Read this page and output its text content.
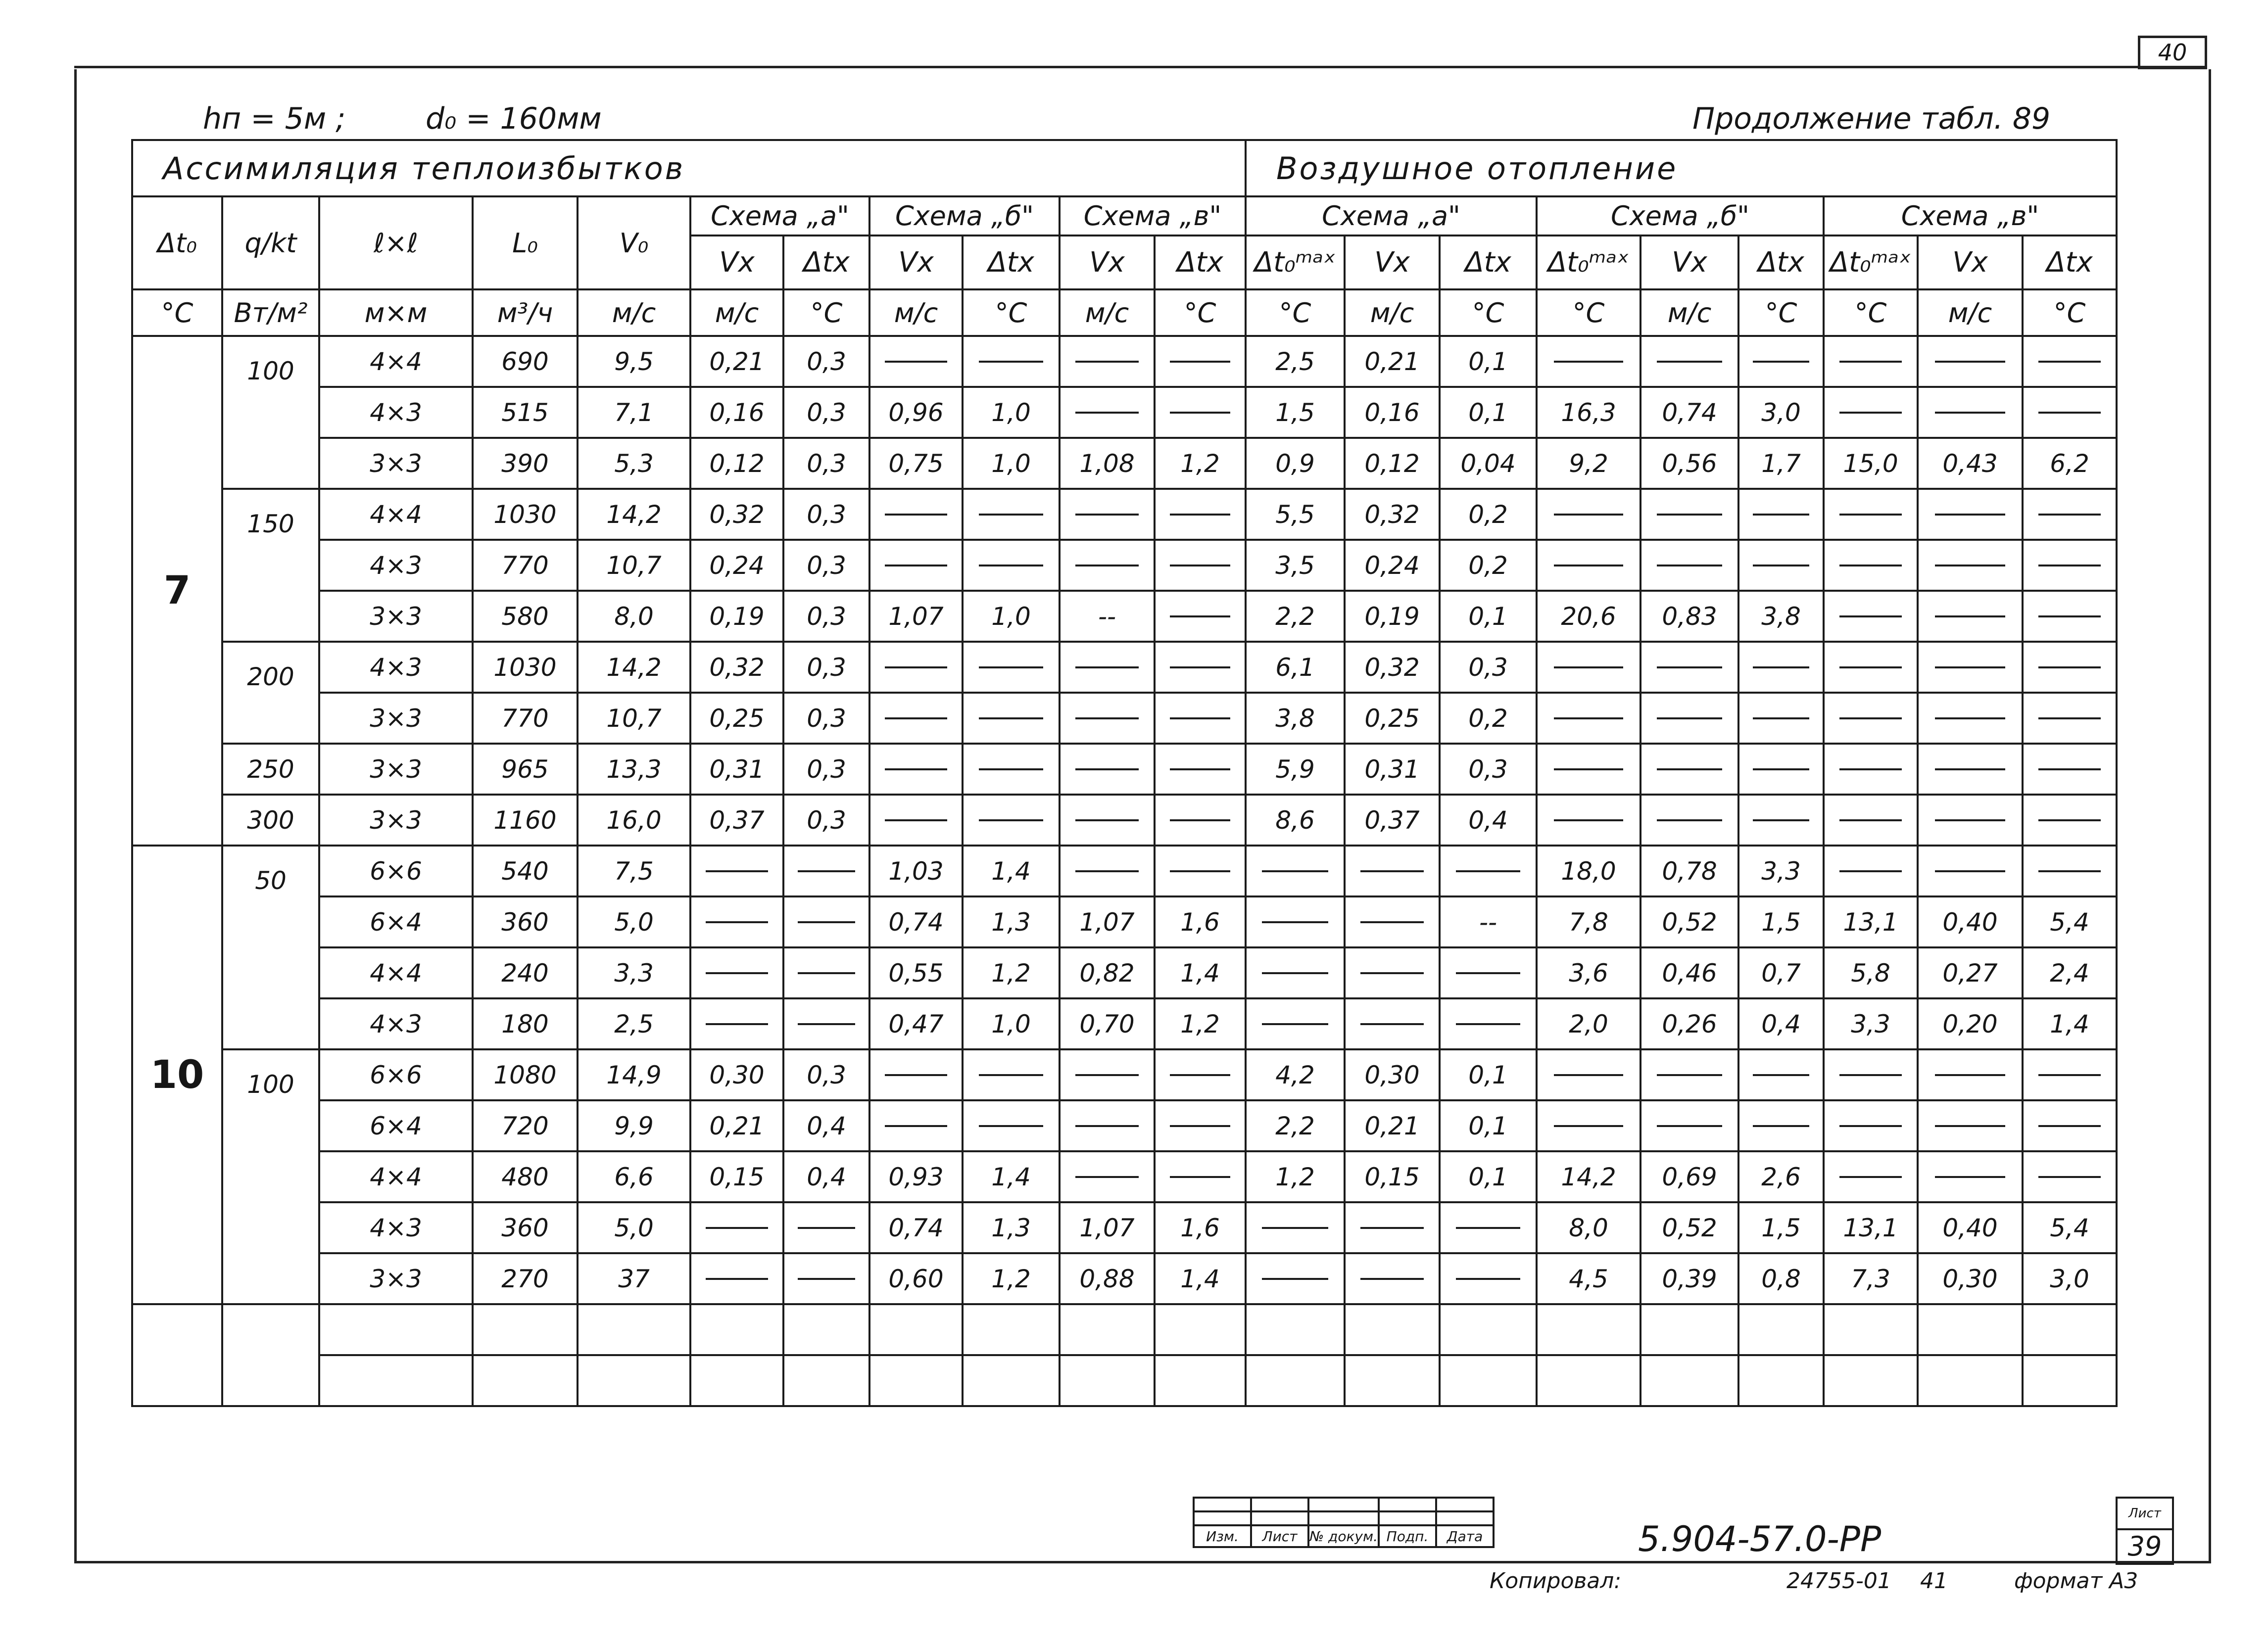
40
hп = 5м ;	d₀ = 160мм	Продолжение табл. 89
Ассимиляция теплоизбытков											Воздушное отопление								
Δt₀	q/kt	ℓ×ℓ	L₀	V₀	Схема „а"		Схема „б"		Схема „в"		Схема „а"			Схема „б"			Схема „в"		
					Vx	Δtx	Vx	Δtx	Vx	Δtx	Δt₀ᵐᵃˣ	Vx	Δtx	Δt₀ᵐᵃˣ	Vx	Δtx	Δt₀ᵐᵃˣ	Vx	Δtx
°C	Вт/м²	м×м	м³/ч	м/с	м/с	°C	м/с	°C	м/с	°C	°C	м/с	°C	°C	м/с	°C	°C	м/с	°C
7	100	4×4	690	9,5	0,21	0,3					2,5	0,21	0,1						
		4×3	515	7,1	0,16	0,3	0,96	1,0			1,5	0,16	0,1	16,3	0,74	3,0			
		3×3	390	5,3	0,12	0,3	0,75	1,0	1,08	1,2	0,9	0,12	0,04	9,2	0,56	1,7	15,0	0,43	6,2
	150	4×4	1030	14,2	0,32	0,3					5,5	0,32	0,2						
		4×3	770	10,7	0,24	0,3					3,5	0,24	0,2						
		3×3	580	8,0	0,19	0,3	1,07	1,0	--		2,2	0,19	0,1	20,6	0,83	3,8			
	200	4×3	1030	14,2	0,32	0,3					6,1	0,32	0,3						
		3×3	770	10,7	0,25	0,3					3,8	0,25	0,2						
	250	3×3	965	13,3	0,31	0,3					5,9	0,31	0,3						
	300	3×3	1160	16,0	0,37	0,3					8,6	0,37	0,4						
10	50	6×6	540	7,5			1,03	1,4						18,0	0,78	3,3			
		6×4	360	5,0			0,74	1,3	1,07	1,6			--	7,8	0,52	1,5	13,1	0,40	5,4
		4×4	240	3,3			0,55	1,2	0,82	1,4				3,6	0,46	0,7	5,8	0,27	2,4
		4×3	180	2,5			0,47	1,0	0,70	1,2				2,0	0,26	0,4	3,3	0,20	1,4
	100	6×6	1080	14,9	0,30	0,3					4,2	0,30	0,1						
		6×4	720	9,9	0,21	0,4					2,2	0,21	0,1						
		4×4	480	6,6	0,15	0,4	0,93	1,4			1,2	0,15	0,1	14,2	0,69	2,6			
		4×3	360	5,0			0,74	1,3	1,07	1,6				8,0	0,52	1,5	13,1	0,40	5,4
		3×3	270	37			0,60	1,2	0,88	1,4				4,5	0,39	0,8	7,3	0,30	3,0

Изм.	Лист	№ докум.	Подп.	Дата	5.904-57.0-РР
Лист
39
Копировал:	24755-01 41	формат А3
